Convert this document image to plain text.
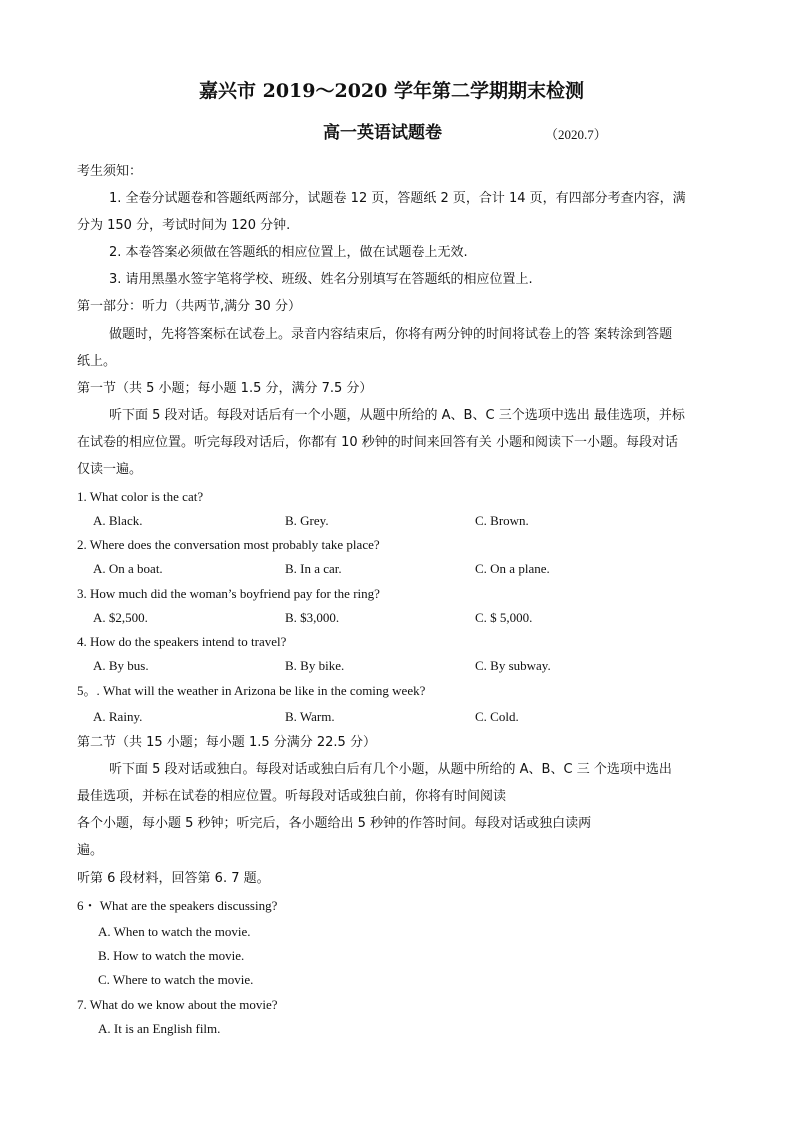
嘉兴市 2019～2020 学年第二学期期末检测
高一英语试题卷	（2020.7）
考生须知：
1. 全卷分试题卷和答题纸两部分，试题卷 12 页，答题纸 2 页，合计 14 页，有四部分考查内容，满
分为 150 分，考试时间为 120 分钟.
2. 本卷答案必须做在答题纸的相应位置上，做在试题卷上无效.
3. 请用黑墨水签字笔将学校、班级、姓名分别填写在答题纸的相应位置上.
第一部分：听力（共两节,满分 30 分）
做题时，先将答案标在试卷上。录音内容结束后，你将有两分钟的时间将试卷上的答 案转涂到答题
纸上。
第一节（共 5 小题；每小题 1.5 分，满分 7.5 分）
听下面 5 段对话。每段对话后有一个小题，从题中所给的 A、B、C 三个选项中选出 最佳选项，并标
在试卷的相应位置。听完每段对话后，你都有 10 秒钟的时间来回答有关 小题和阅读下一小题。每段对话
仅读一遍。
1. What color is the cat?
A. Black.	B. Grey.	C. Brown.
2. Where does the conversation most probably take place?
A. On a boat.	B. In a car.	C. On a plane.
3. How much did the woman’s boyfriend pay for the ring?
A. $2,500.	B. $3,000.	C. $ 5,000.
4. How do the speakers intend to travel?
A. By bus.	B. By bike.	C. By subway.
5。. What will the weather in Arizona be like in the coming week?
A. Rainy.	B. Warm.	C. Cold.
第二节（共 15 小题；每小题 1.5 分满分 22.5 分）
听下面 5 段对话或独白。每段对话或独白后有几个小题，从题中所给的 A、B、C 三 个选项中选出
最佳选项，并标在试卷的相应位置。听每段对话或独白前，你将有时间阅读
各个小题，每小题 5 秒钟；听完后，各小题给出 5 秒钟的作答时间。每段对话或独白读两
遍。
听第 6 段材料，回答第 6. 7 题。
6・ What are the speakers discussing?
A. When to watch the movie.
B. How to watch the movie.
C. Where to watch the movie.
7. What do we know about the movie?
A. It is an English film.
